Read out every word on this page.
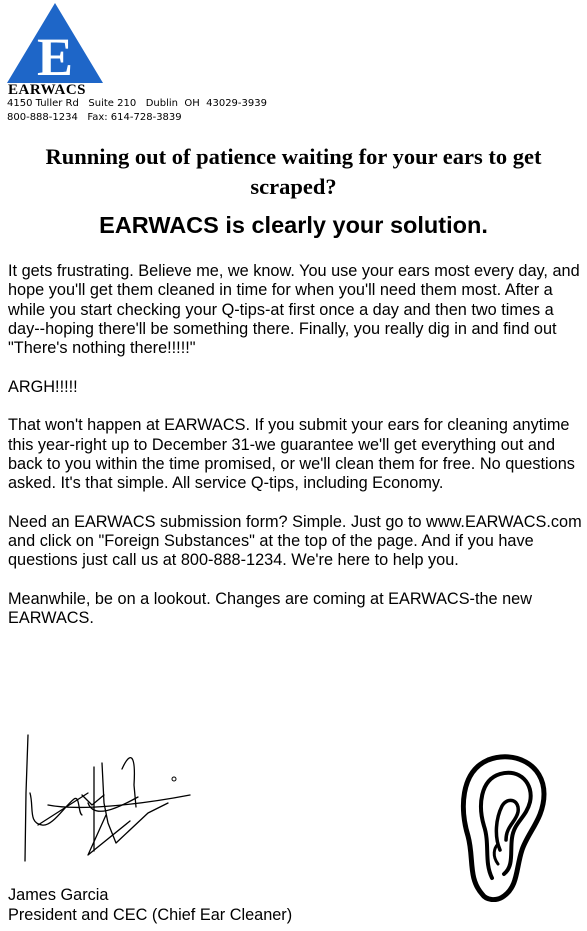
E
EARWACS
4150 Tuller Rd   Suite 210   Dublin  OH  43029-3939
800-888-1234   Fax: 614-728-3839
Running out of patience waiting for your ears to get scraped?
EARWACS is clearly your solution.

It gets frustrating. Believe me, we know. You use your ears most every day, and hope you'll get them cleaned in time for when you'll need them most. After a while you start checking your Q-tips-at first once a day and then two times a day--hoping there'll be something there. Finally, you really dig in and find out "There's nothing there!!!!!"

ARGH!!!!!

That won't happen at EARWACS. If you submit your ears for cleaning anytime this year-right up to December 31-we guarantee we'll get everything out and back to you within the time promised, or we'll clean them for free. No questions asked. It's that simple. All service Q-tips, including Economy.

Need an EARWACS submission form? Simple. Just go to www.EARWACS.com and click on "Foreign Substances" at the top of the page. And if you have questions just call us at 800-888-1234. We're here to help you.

Meanwhile, be on a lookout. Changes are coming at EARWACS-the new EARWACS.

James Garcia
President and CEC (Chief Ear Cleaner)
